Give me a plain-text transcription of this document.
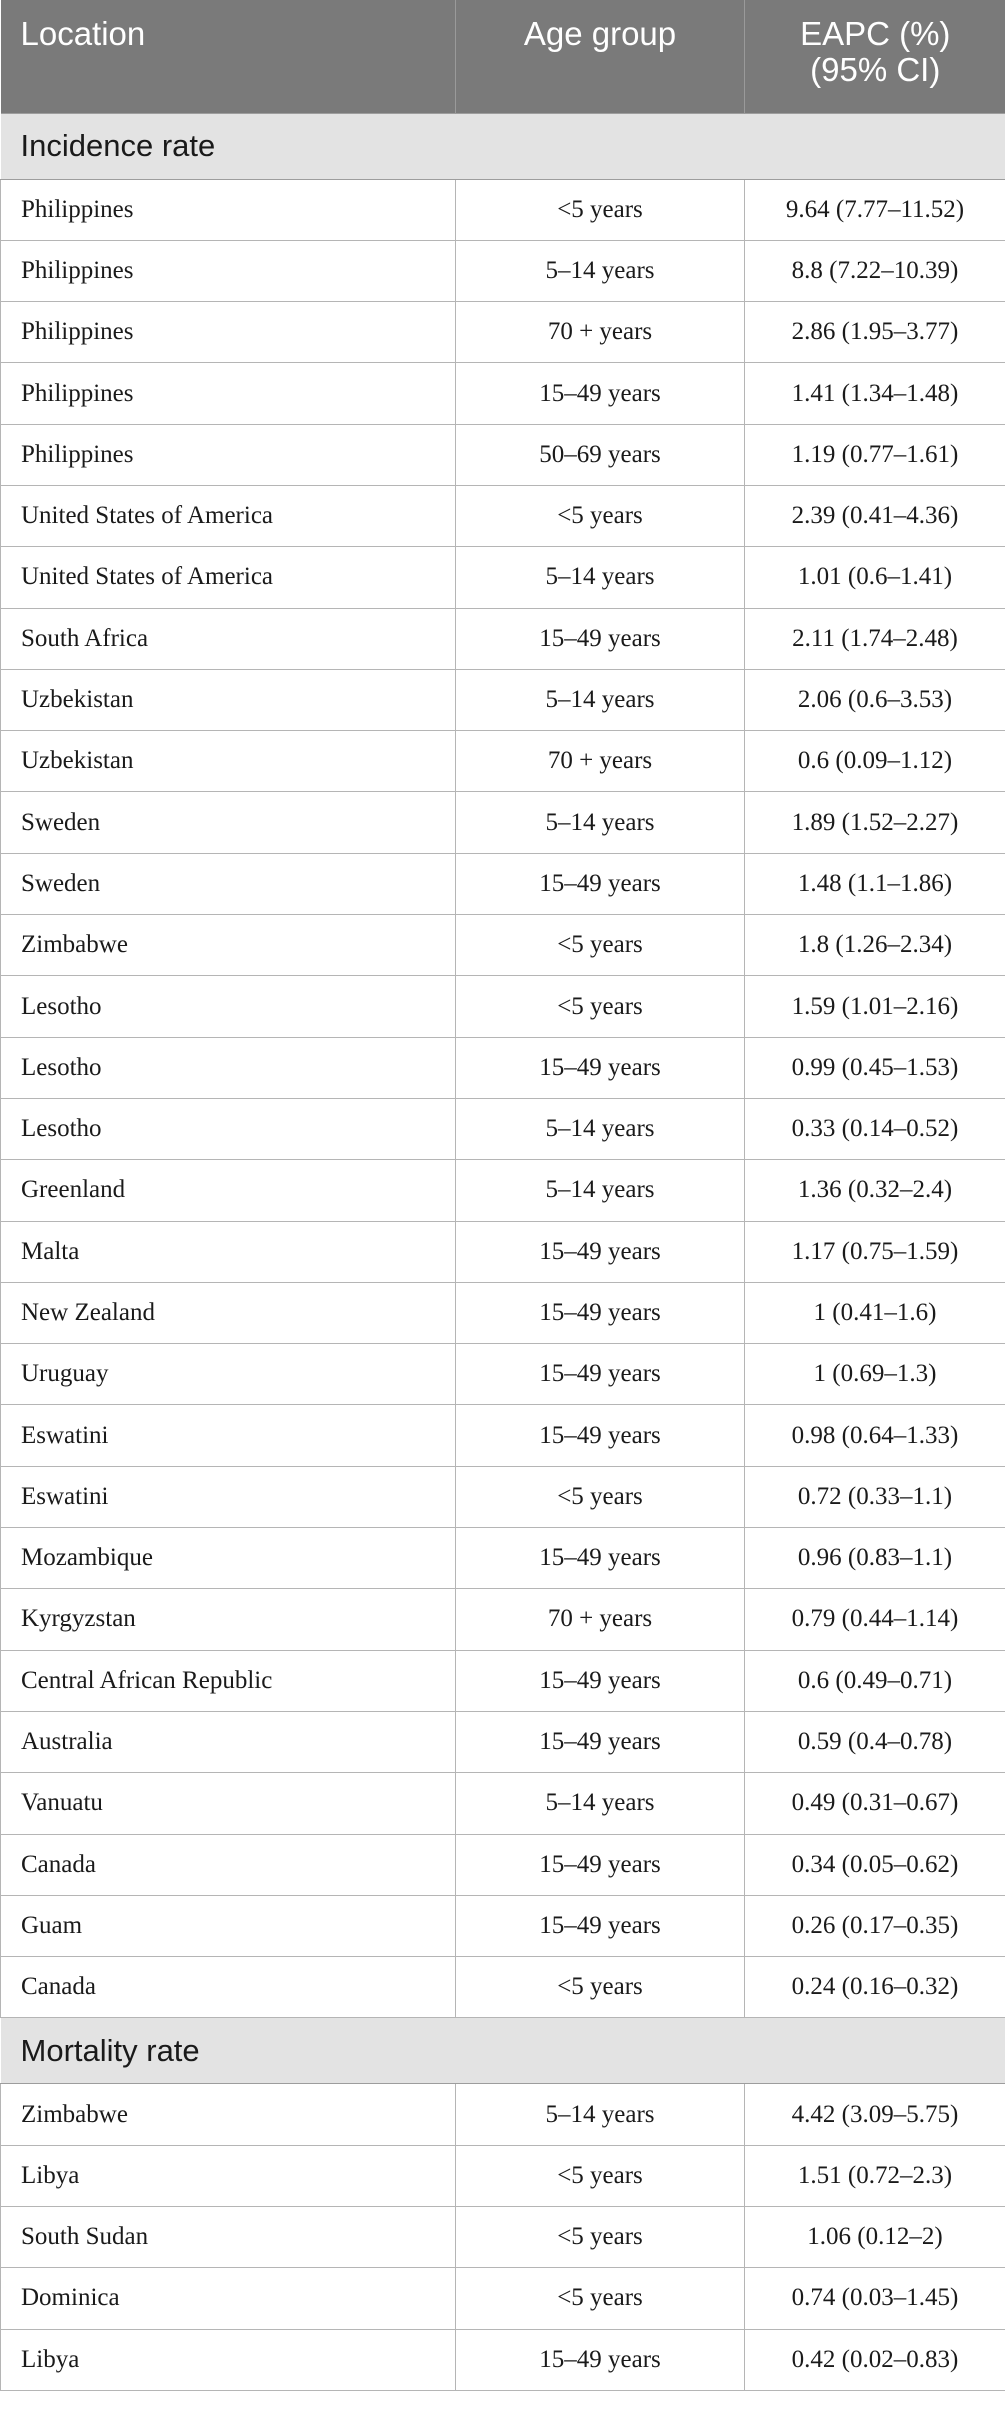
Location	Age group	EAPC (%)
(95% CI)
Incidence rate		
Philippines	<5 years	9.64 (7.77–11.52)
Philippines	5–14 years	8.8 (7.22–10.39)
Philippines	70 + years	2.86 (1.95–3.77)
Philippines	15–49 years	1.41 (1.34–1.48)
Philippines	50–69 years	1.19 (0.77–1.61)
United States of America	<5 years	2.39 (0.41–4.36)
United States of America	5–14 years	1.01 (0.6–1.41)
South Africa	15–49 years	2.11 (1.74–2.48)
Uzbekistan	5–14 years	2.06 (0.6–3.53)
Uzbekistan	70 + years	0.6 (0.09–1.12)
Sweden	5–14 years	1.89 (1.52–2.27)
Sweden	15–49 years	1.48 (1.1–1.86)
Zimbabwe	<5 years	1.8 (1.26–2.34)
Lesotho	<5 years	1.59 (1.01–2.16)
Lesotho	15–49 years	0.99 (0.45–1.53)
Lesotho	5–14 years	0.33 (0.14–0.52)
Greenland	5–14 years	1.36 (0.32–2.4)
Malta	15–49 years	1.17 (0.75–1.59)
New Zealand	15–49 years	1 (0.41–1.6)
Uruguay	15–49 years	1 (0.69–1.3)
Eswatini	15–49 years	0.98 (0.64–1.33)
Eswatini	<5 years	0.72 (0.33–1.1)
Mozambique	15–49 years	0.96 (0.83–1.1)
Kyrgyzstan	70 + years	0.79 (0.44–1.14)
Central African Republic	15–49 years	0.6 (0.49–0.71)
Australia	15–49 years	0.59 (0.4–0.78)
Vanuatu	5–14 years	0.49 (0.31–0.67)
Canada	15–49 years	0.34 (0.05–0.62)
Guam	15–49 years	0.26 (0.17–0.35)
Canada	<5 years	0.24 (0.16–0.32)
Mortality rate		
Zimbabwe	5–14 years	4.42 (3.09–5.75)
Libya	<5 years	1.51 (0.72–2.3)
South Sudan	<5 years	1.06 (0.12–2)
Dominica	<5 years	0.74 (0.03–1.45)
Libya	15–49 years	0.42 (0.02–0.83)
